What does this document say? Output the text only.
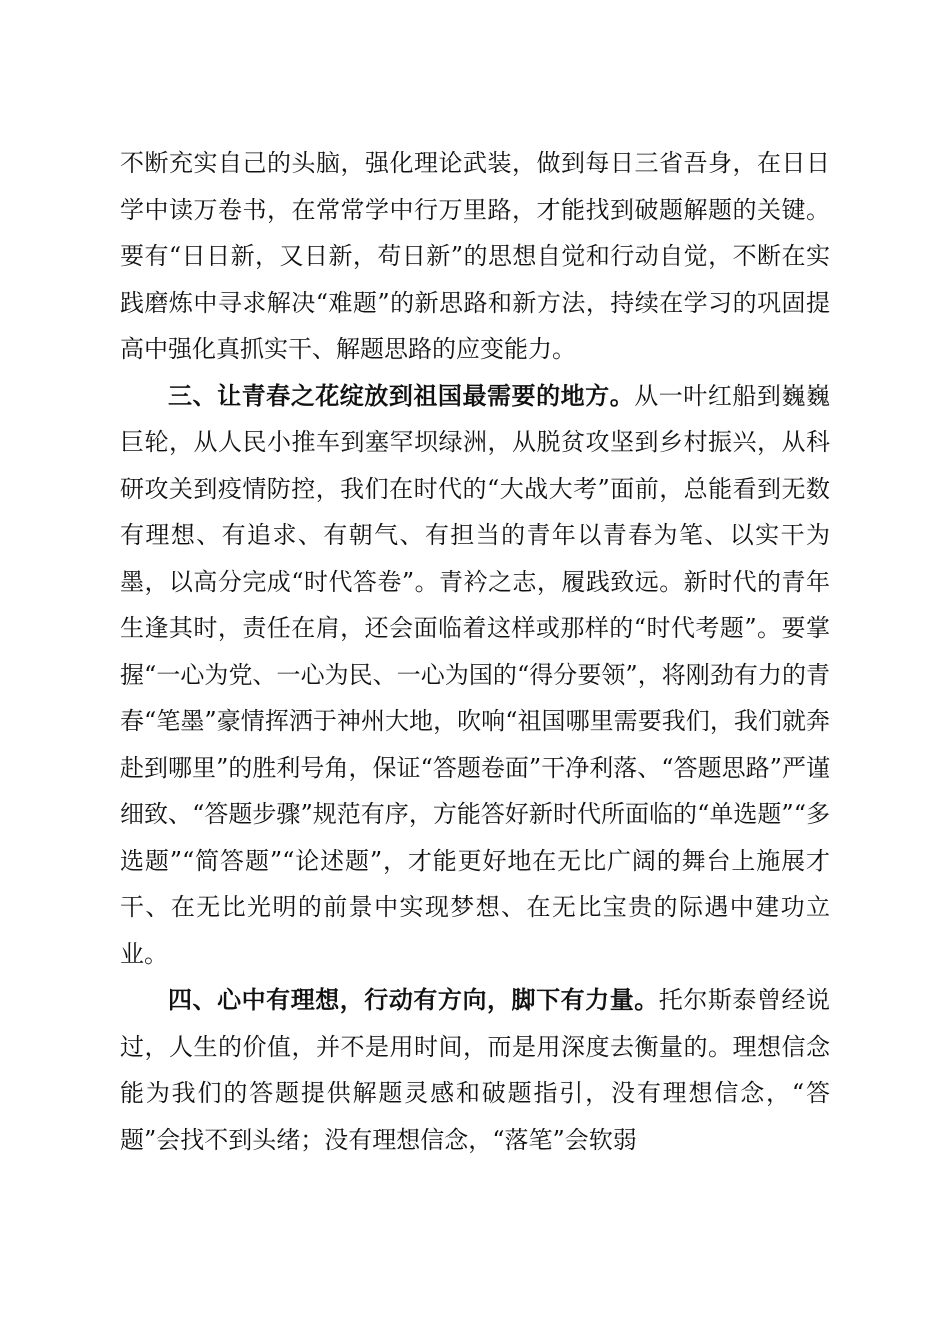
不断充实自己的头脑，强化理论武装，做到每日三省吾身，在日日学中读万卷书，在常常学中行万里路，才能找到破题解题的关键。要有“日日新，又日新，苟日新”的思想自觉和行动自觉，不断在实践磨炼中寻求解决“难题”的新思路和新方法，持续在学习的巩固提高中强化真抓实干、解题思路的应变能力。

三、让青春之花绽放到祖国最需要的地方。从一叶红船到巍巍巨轮，从人民小推车到塞罕坝绿洲，从脱贫攻坚到乡村振兴，从科研攻关到疫情防控，我们在时代的“大战大考”面前，总能看到无数有理想、有追求、有朝气、有担当的青年以青春为笔、以实干为墨，以高分完成“时代答卷”。青衿之志，履践致远。新时代的青年生逢其时，责任在肩，还会面临着这样或那样的“时代考题”。要掌握“一心为党、一心为民、一心为国的“得分要领”，将刚劲有力的青春“笔墨”豪情挥洒于神州大地，吹响“祖国哪里需要我们，我们就奔赴到哪里”的胜利号角，保证“答题卷面”干净利落、“答题思路”严谨细致、“答题步骤”规范有序，方能答好新时代所面临的“单选题”“多选题”“简答题”“论述题”，才能更好地在无比广阔的舞台上施展才干、在无比光明的前景中实现梦想、在无比宝贵的际遇中建功立业。

四、心中有理想，行动有方向，脚下有力量。托尔斯泰曾经说过，人生的价值，并不是用时间，而是用深度去衡量的。理想信念能为我们的答题提供解题灵感和破题指引，没有理想信念，“答题”会找不到头绪；没有理想信念，“落笔”会软弱
